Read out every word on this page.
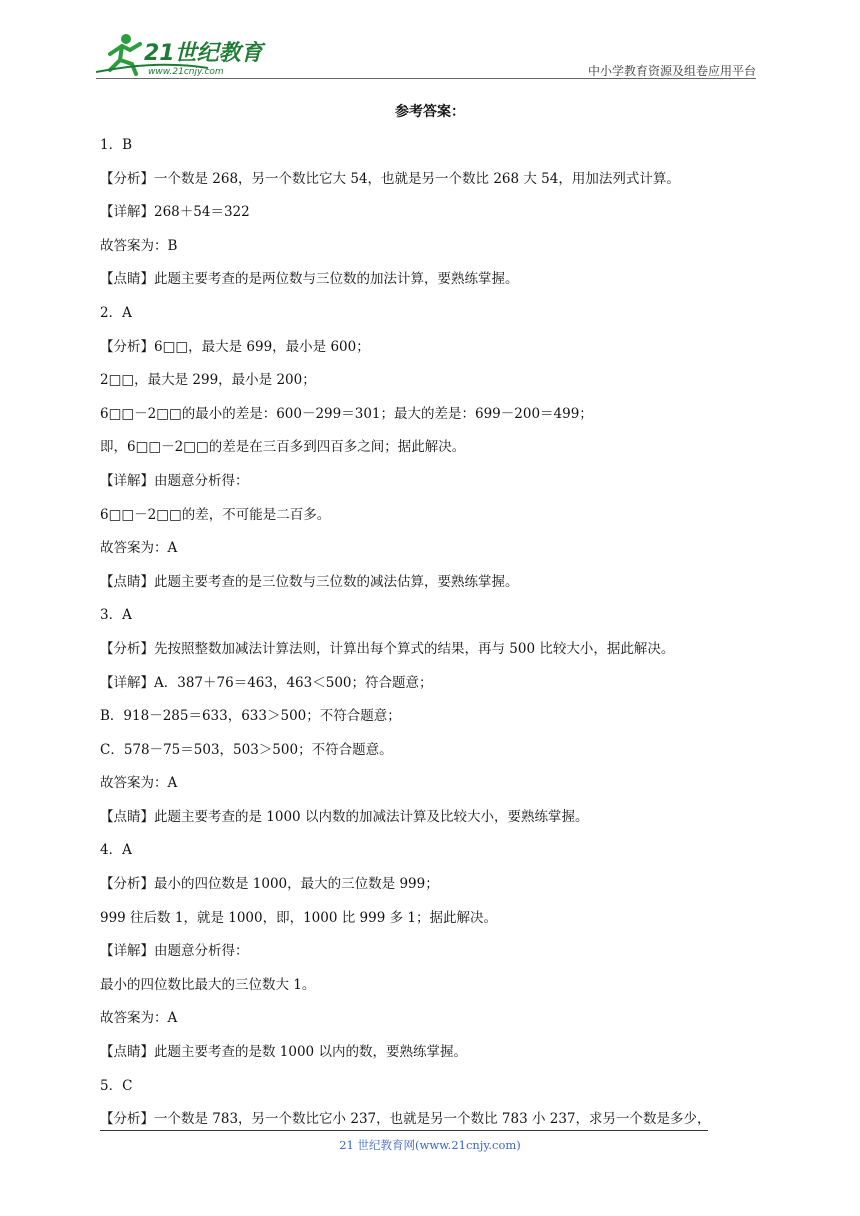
21世纪教育
www.21cnjy.com	中小学教育资源及组卷应用平台
参考答案：
1．B
【分析】一个数是 268，另一个数比它大 54，也就是另一个数比 268 大 54，用加法列式计算。
【详解】268＋54＝322
故答案为：B
【点睛】此题主要考查的是两位数与三位数的加法计算，要熟练掌握。
2．A
【分析】6□□，最大是 699，最小是 600；
2□□，最大是 299，最小是 200；
6□□－2□□的最小的差是：600－299＝301；最大的差是：699－200＝499；
即，6□□－2□□的差是在三百多到四百多之间；据此解决。
【详解】由题意分析得：
6□□－2□□的差，不可能是二百多。
故答案为：A
【点睛】此题主要考查的是三位数与三位数的减法估算，要熟练掌握。
3．A
【分析】先按照整数加减法计算法则，计算出每个算式的结果，再与 500 比较大小，据此解决。
【详解】A．387＋76＝463，463＜500；符合题意；
B．918－285＝633，633＞500；不符合题意；
C．578－75＝503，503＞500；不符合题意。
故答案为：A
【点睛】此题主要考查的是 1000 以内数的加减法计算及比较大小，要熟练掌握。
4．A
【分析】最小的四位数是 1000，最大的三位数是 999；
999 往后数 1，就是 1000，即，1000 比 999 多 1；据此解决。
【详解】由题意分析得：
最小的四位数比最大的三位数大 1。
故答案为：A
【点睛】此题主要考查的是数 1000 以内的数，要熟练掌握。
5．C
【分析】一个数是 783，另一个数比它小 237，也就是另一个数比 783 小 237，求另一个数是多少，
21 世纪教育网(www.21cnjy.com)
